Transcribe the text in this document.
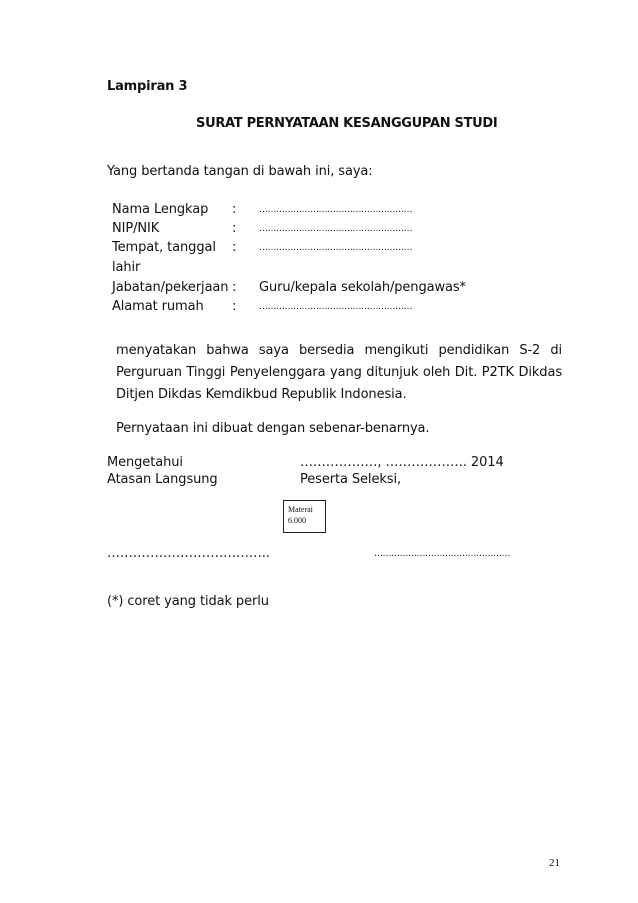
Lampiran 3
SURAT PERNYATAAN KESANGGUPAN STUDI
Yang bertanda tangan di bawah ini, saya:
Nama Lengkap :	………………………………………………
NIP/NIK	:	………………………………………………
Tempat, tanggal :	………………………………………………
lahir
Jabatan/pekerjaan : Guru/kepala sekolah/pengawas*
Alamat rumah :	………………………………………………
menyatakan bahwa saya bersedia mengikuti pendidikan S-2 di Perguruan Tinggi Penyelenggara yang ditunjuk oleh Dit. P2TK Dikdas Ditjen Dikdas Kemdikbud Republik Indonesia.
Pernyataan ini dibuat dengan sebenar-benarnya.
Mengetahui
Atasan Langsung
………………, ………………. 2014
Peserta Seleksi,
Materai
6.000
………………………………..	…………………………………………
(*) coret yang tidak perlu
21
